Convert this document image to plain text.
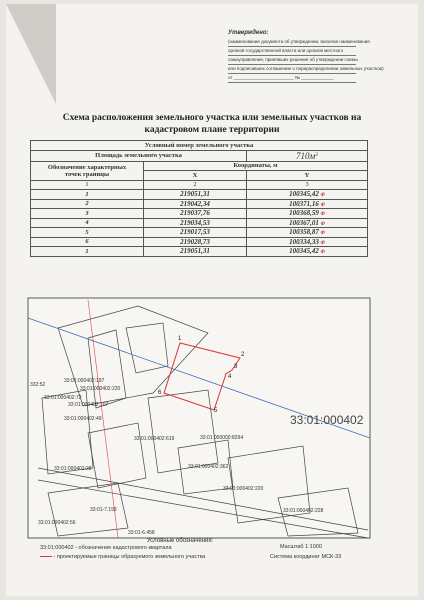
Утверждено:
(наименование документа об утверждении, включая наименования
органов государственной власти или органов местного
самоуправления, принявших решение об утверждении схемы
или подписавших соглашение о перераспределении земельных участков)
от ________________________ № _____________
Схема расположения земельного участка или земельных участков на
кадастровом плане территории
Условный номер земельного участка		
Площадь земельного участка		$710м^2$

Обозначение характерных
точек границы	Координаты, м	
	X	Y
1	2	3
1	219051,31	100345,42 Ф
2	219042,34	100371,16 Ф
3	219037,76	100368,59 Ф
4	219034,53	100367,01 Ф
5	219017,53	100358,87 Ф
6	219028,73	100334,33 Ф
1	219051,31	100345,42 Ф
1
2
3
4
5
6
332:52
33:01:000402:197
33:01:000402:220
33:01:000402:72
33:01:000402:107
33:01:000402:49
33:01:000402:619	33:01:000000:8294
33:01:000402:28	33:01:000402:362
33:01:000402:220
33:01:000402:228
33:01:000402:56
33:01-7.193
33:01-6.458
33:01:000402
Условные обозначения:
33:01:000402 - обозначение кадастрового квартала
- проектируемые границы образуемого земельного участка
Масштаб 1:1000
Система координат МСК-33
